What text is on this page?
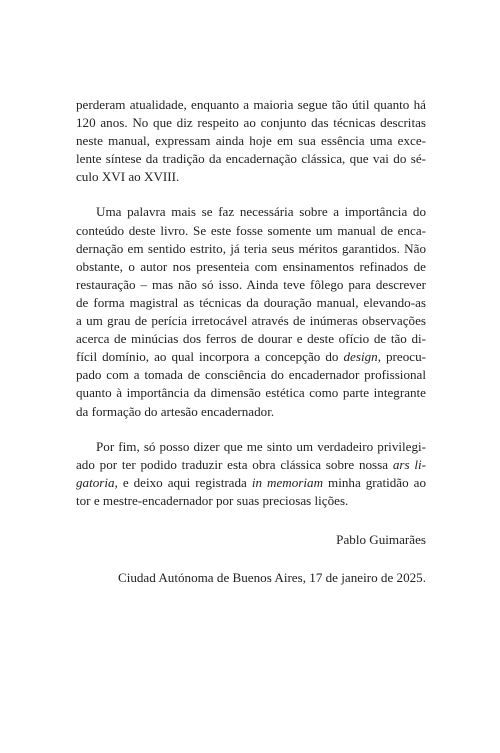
perderam atualidade, enquanto a maioria segue tão útil quanto há
120 anos. No que diz respeito ao conjunto das técnicas descritas
neste manual, expressam ainda hoje em sua essência uma exce-
lente síntese da tradição da encadernação clássica, que vai do sé-
culo XVI ao XVIII.
Uma palavra mais se faz necessária sobre a importância do
conteúdo deste livro. Se este fosse somente um manual de enca-
dernação em sentido estrito, já teria seus méritos garantidos. Não
obstante, o autor nos presenteia com ensinamentos refinados de
restauração – mas não só isso. Ainda teve fôlego para descrever
de forma magistral as técnicas da douração manual, elevando-as
a um grau de perícia irretocável através de inúmeras observações
acerca de minúcias dos ferros de dourar e deste ofício de tão di-
fícil domínio, ao qual incorpora a concepção do design, preocu-
pado com a tomada de consciência do encadernador profissional
quanto à importância da dimensão estética como parte integrante
da formação do artesão encadernador.
Por fim, só posso dizer que me sinto um verdadeiro privilegi-
ado por ter podido traduzir esta obra clássica sobre nossa ars li-
gatoria, e deixo aqui registrada in memoriam minha gratidão ao
tor e mestre-encadernador por suas preciosas lições.
Pablo Guimarães
Ciudad Autónoma de Buenos Aires, 17 de janeiro de 2025.
